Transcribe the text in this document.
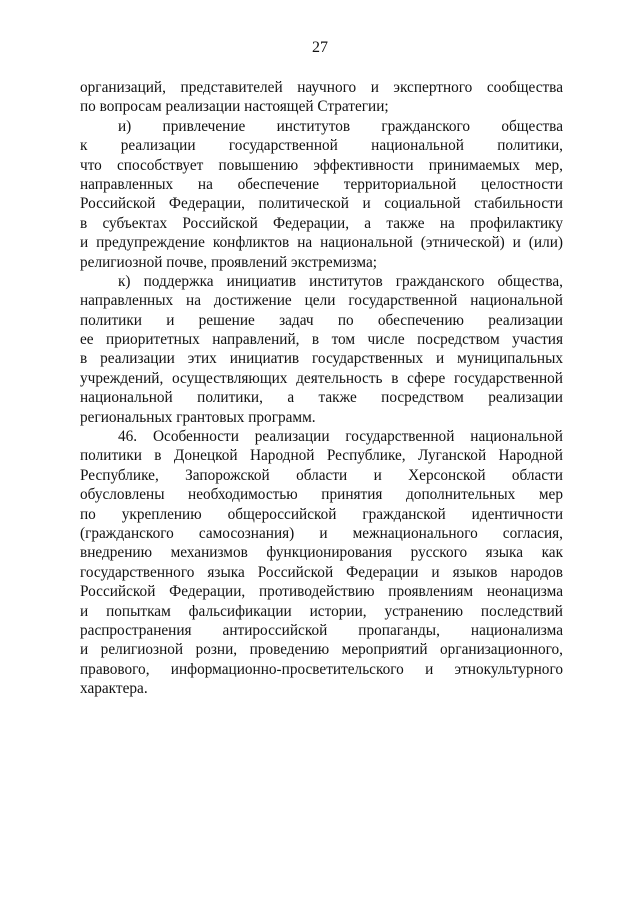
27
организаций, представителей научного и экспертного сообщества
по вопросам реализации настоящей Стратегии;
и) привлечение институтов гражданского общества
к реализации государственной национальной политики,
что способствует повышению эффективности принимаемых мер,
направленных на обеспечение территориальной целостности
Российской Федерации, политической и социальной стабильности
в субъектах Российской Федерации, а также на профилактику
и предупреждение конфликтов на национальной (этнической) и (или)
религиозной почве, проявлений экстремизма;
к) поддержка инициатив институтов гражданского общества,
направленных на достижение цели государственной национальной
политики и решение задач по обеспечению реализации
ее приоритетных направлений, в том числе посредством участия
в реализации этих инициатив государственных и муниципальных
учреждений, осуществляющих деятельность в сфере государственной
национальной политики, а также посредством реализации
региональных грантовых программ.
46. Особенности реализации государственной национальной
политики в Донецкой Народной Республике, Луганской Народной
Республике, Запорожской области и Херсонской области
обусловлены необходимостью принятия дополнительных мер
по укреплению общероссийской гражданской идентичности
(гражданского самосознания) и межнационального согласия,
внедрению механизмов функционирования русского языка как
государственного языка Российской Федерации и языков народов
Российской Федерации, противодействию проявлениям неонацизма
и попыткам фальсификации истории, устранению последствий
распространения антироссийской пропаганды, национализма
и религиозной розни, проведению мероприятий организационного,
правового, информационно-просветительского и этнокультурного
характера.
